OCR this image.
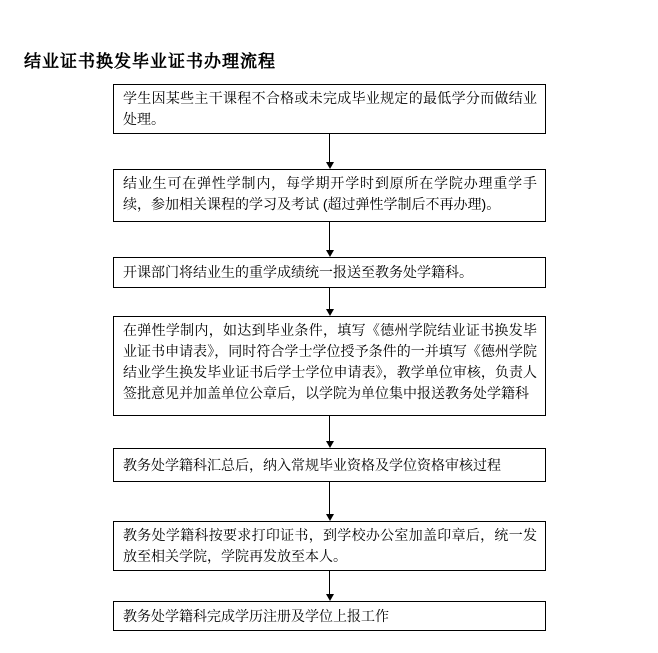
结业证书换发毕业证书办理流程
学生因某些主干课程不合格或未完成毕业规定的最低学分而做结业处理。
结业生可在弹性学制内，每学期开学时到原所在学院办理重学手续，参加相关课程的学习及考试 (超过弹性学制后不再办理)。
开课部门将结业生的重学成绩统一报送至教务处学籍科。
在弹性学制内，如达到毕业条件，填写《德州学院结业证书换发毕业证书申请表》，同时符合学士学位授予条件的一并填写《德州学院结业学生换发毕业证书后学士学位申请表》，教学单位审核，负责人签批意见并加盖单位公章后，以学院为单位集中报送教务处学籍科
教务处学籍科汇总后，纳入常规毕业资格及学位资格审核过程
教务处学籍科按要求打印证书，到学校办公室加盖印章后，统一发放至相关学院，学院再发放至本人。
教务处学籍科完成学历注册及学位上报工作
